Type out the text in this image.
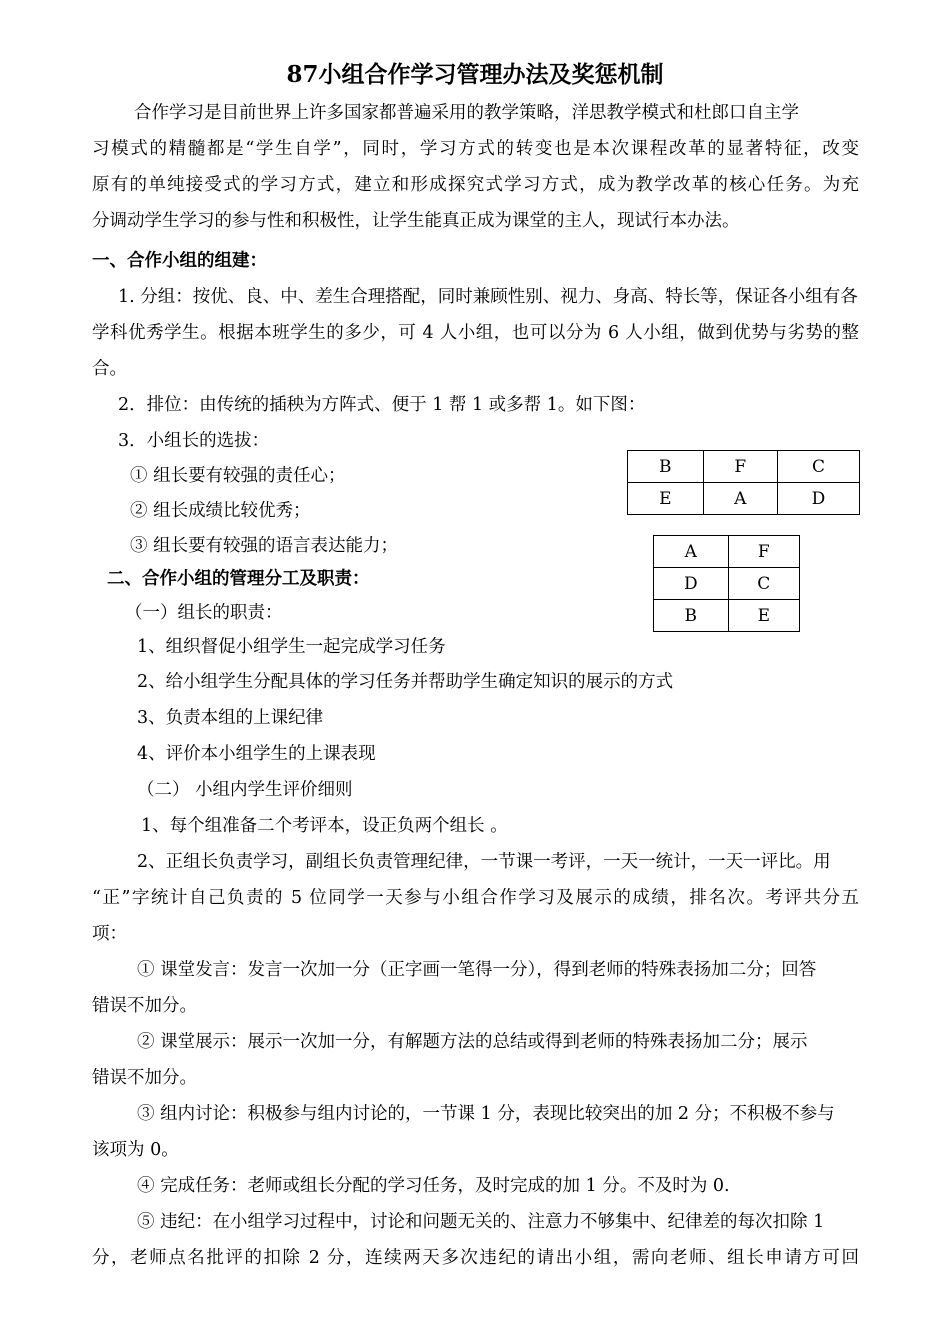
87小组合作学习管理办法及奖惩机制
合作学习是目前世界上许多国家都普遍采用的教学策略，洋思教学模式和杜郎口自主学
习模式的精髓都是“学生自学”，同时，学习方式的转变也是本次课程改革的显著特征，改变
原有的单纯接受式的学习方式，建立和形成探究式学习方式，成为教学改革的核心任务。为充
分调动学生学习的参与性和积极性，让学生能真正成为课堂的主人，现试行本办法。
一、合作小组的组建：
1. 分组：按优、良、中、差生合理搭配，同时兼顾性别、视力、身高、特长等，保证各小组有各
学科优秀学生。根据本班学生的多少，可 4 人小组，也可以分为 6 人小组，做到优势与劣势的整
合。
2．排位：由传统的插秧为方阵式、便于 1 帮 1 或多帮 1。如下图：
3．小组长的选拔：
① 组长要有较强的责任心；
② 组长成绩比较优秀；
③ 组长要有较强的语言表达能力；
B	F	C
E	A	D
A	F
D	C
B	E
二、合作小组的管理分工及职责：
（一）组长的职责：
1、组织督促小组学生一起完成学习任务
2、给小组学生分配具体的学习任务并帮助学生确定知识的展示的方式
3、负责本组的上课纪律
4、评价本小组学生的上课表现
（二） 小组内学生评价细则
1、每个组准备二个考评本，设正负两个组长 。
2、正组长负责学习，副组长负责管理纪律，一节课一考评，一天一统计，一天一评比。用
“正”字统计自己负责的 5 位同学一天参与小组合作学习及展示的成绩，排名次。考评共分五
项：
① 课堂发言：发言一次加一分（正字画一笔得一分），得到老师的特殊表扬加二分；回答
错误不加分。
② 课堂展示：展示一次加一分，有解题方法的总结或得到老师的特殊表扬加二分；展示
错误不加分。
③ 组内讨论：积极参与组内讨论的，一节课 1 分，表现比较突出的加 2 分；不积极不参与
该项为 0。
④ 完成任务：老师或组长分配的学习任务，及时完成的加 1 分。不及时为 0.
⑤ 违纪：在小组学习过程中，讨论和问题无关的、注意力不够集中、纪律差的每次扣除 1
分，老师点名批评的扣除 2 分，连续两天多次违纪的请出小组，需向老师、组长申请方可回
